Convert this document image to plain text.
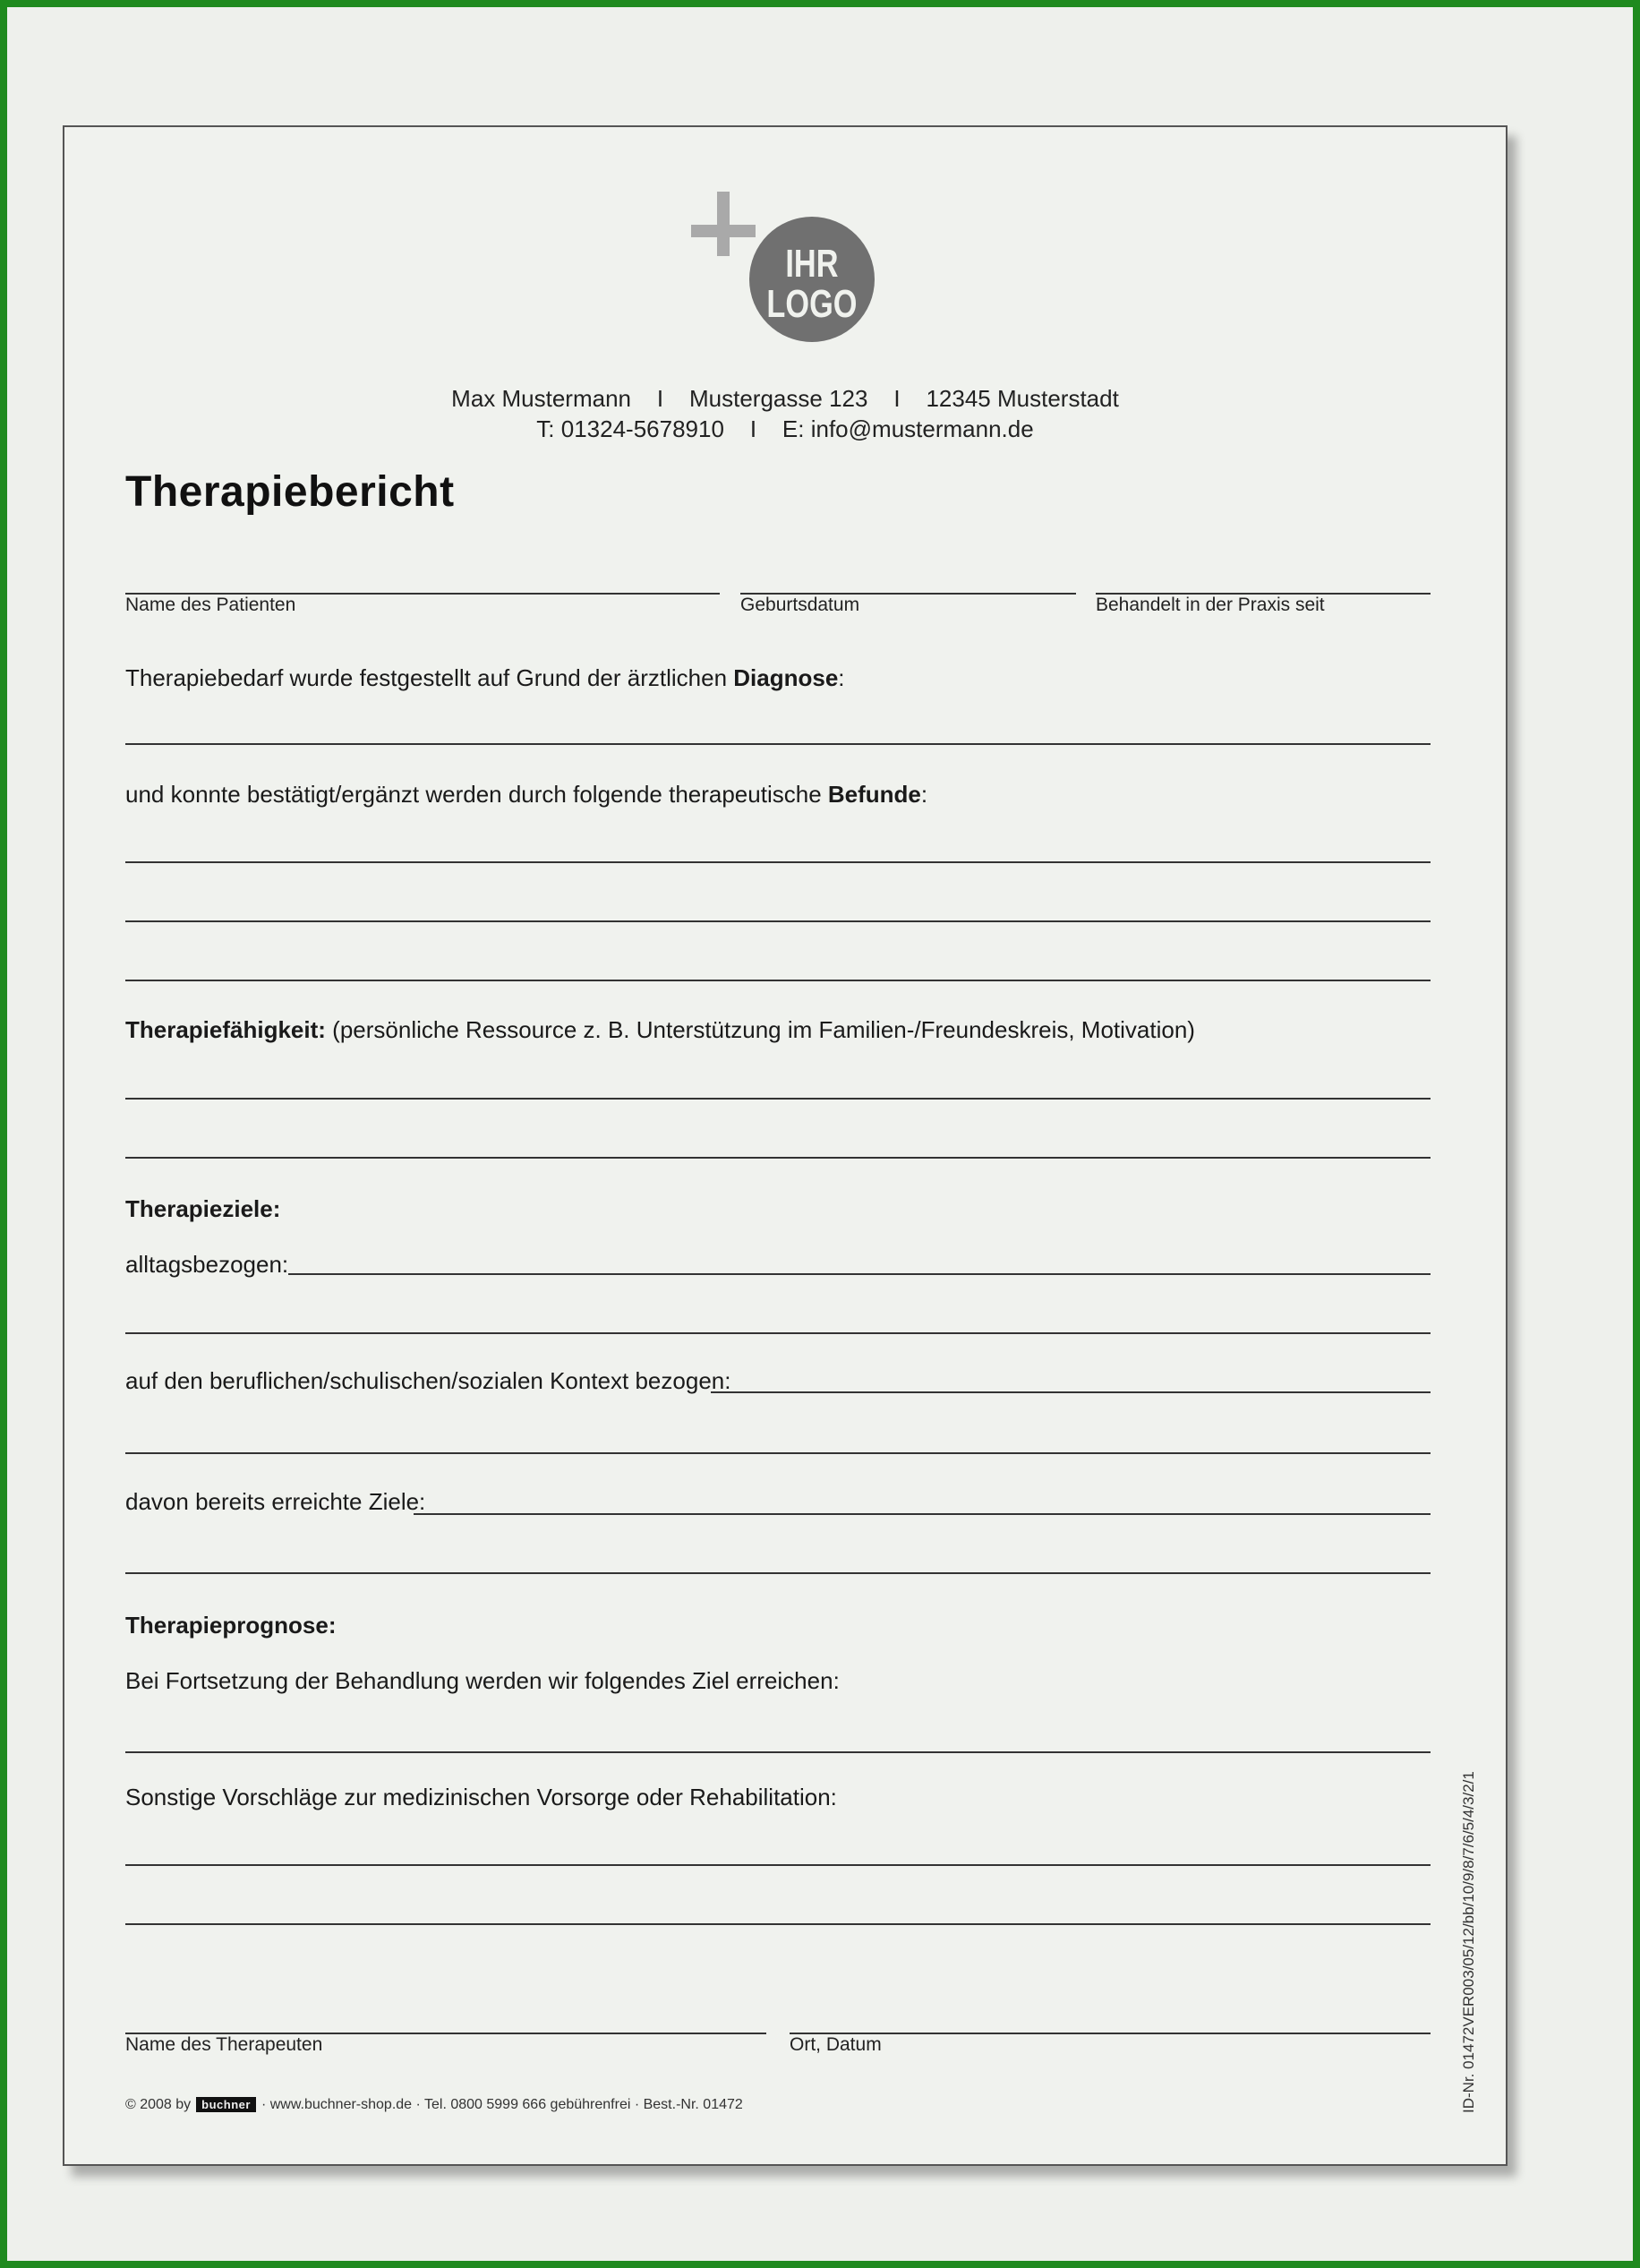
IHR
LOGO
Max Mustermann    I    Mustergasse 123    I    12345 Musterstadt
T: 01324-5678910    I    E: info@mustermann.de
Therapiebericht
Name des Patienten	Geburtsdatum	Behandelt in der Praxis seit
Therapiebedarf wurde festgestellt auf Grund der ärztlichen Diagnose:
und konnte bestätigt/ergänzt werden durch folgende therapeutische Befunde:
Therapiefähigkeit: (persönliche Ressource z. B. Unterstützung im Familien-/Freundeskreis, Motivation)
Therapieziele:
alltagsbezogen:
auf den beruflichen/schulischen/sozialen Kontext bezogen:
davon bereits erreichte Ziele:
Therapieprognose:
Bei Fortsetzung der Behandlung werden wir folgendes Ziel erreichen:
Sonstige Vorschläge zur medizinischen Vorsorge oder Rehabilitation:
Name des Therapeuten	Ort, Datum
© 2008 by buchner · www.buchner-shop.de · Tel. 0800 5999 666 gebührenfrei · Best.-Nr. 01472	ID-Nr. 01472VER003/05/12/bb/10/9/8/7/6/5/4/3/2/1
